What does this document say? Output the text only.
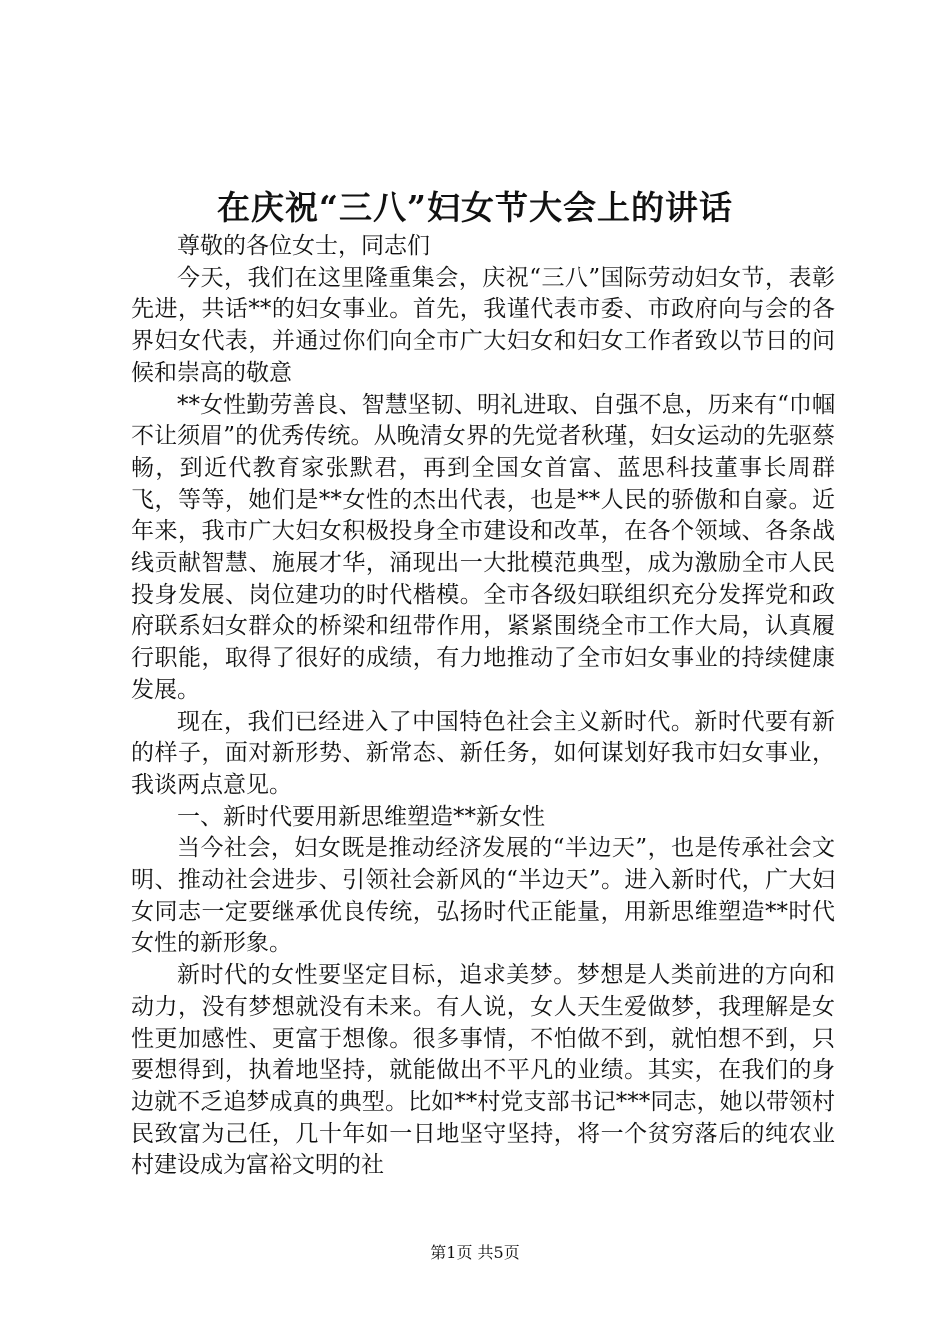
在庆祝“三八”妇女节大会上的讲话

尊敬的各位女士，同志们

今天，我们在这里隆重集会，庆祝“三八”国际劳动妇女节，表彰先进，共话**的妇女事业。首先，我谨代表市委、市政府向与会的各界妇女代表，并通过你们向全市广大妇女和妇女工作者致以节日的问候和崇高的敬意

**女性勤劳善良、智慧坚韧、明礼进取、自强不息，历来有“巾帼不让须眉”的优秀传统。从晚清女界的先觉者秋瑾，妇女运动的先驱蔡畅，到近代教育家张默君，再到全国女首富、蓝思科技董事长周群飞，等等，她们是**女性的杰出代表，也是**人民的骄傲和自豪。近年来，我市广大妇女积极投身全市建设和改革，在各个领域、各条战线贡献智慧、施展才华，涌现出一大批模范典型，成为激励全市人民投身发展、岗位建功的时代楷模。全市各级妇联组织充分发挥党和政府联系妇女群众的桥梁和纽带作用，紧紧围绕全市工作大局，认真履行职能，取得了很好的成绩，有力地推动了全市妇女事业的持续健康发展。

现在，我们已经进入了中国特色社会主义新时代。新时代要有新的样子，面对新形势、新常态、新任务，如何谋划好我市妇女事业，我谈两点意见。

一、新时代要用新思维塑造**新女性

当今社会，妇女既是推动经济发展的“半边天”，也是传承社会文明、推动社会进步、引领社会新风的“半边天”。进入新时代，广大妇女同志一定要继承优良传统，弘扬时代正能量，用新思维塑造**时代女性的新形象。

新时代的女性要坚定目标，追求美梦。梦想是人类前进的方向和动力，没有梦想就没有未来。有人说，女人天生爱做梦，我理解是女性更加感性、更富于想像。很多事情，不怕做不到，就怕想不到，只要想得到，执着地坚持，就能做出不平凡的业绩。其实，在我们的身边就不乏追梦成真的典型。比如**村党支部书记***同志，她以带领村民致富为己任，几十年如一日地坚守坚持，将一个贫穷落后的纯农业村建设成为富裕文明的社

第1页 共5页
